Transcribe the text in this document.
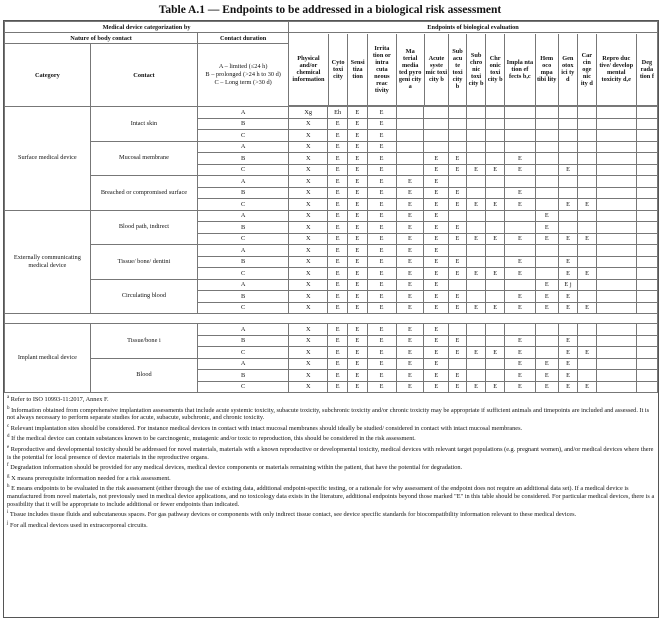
Table A.1 — Endpoints to be addressed in a biological risk assessment
Medical device categorization by	Endpoints of biological evaluation
Nature of body contact	Contact duration	
Physical and/or chemical information	Cyto toxi city	Sensi tiza tion	Irrita tion or intra cuta neous reac tivity	Ma terial media ted pyro geni city a	Acute syste mic toxi city b	Sub acu te toxi city b	Sub chro nic toxi city b	Chr onic toxi city b	Impla nta tion ef fects b,c	Hem oco mpa tibi lity	Gen otox ici ty d	Car cin oge nic ity d	Repro duc tive/ develop mental toxicity d,e	Deg rada tion f

Category	Contact	
A – limited (≤24 h)
B – prolonged (>24 h to 30 d)
C – Long term (>30 d)

Surface medical device	Intact skin	A	Xg	Eh	E	E											
B	X	E	E	E											
C	X	E	E	E											
Mucosal membrane	A	X	E	E	E											
B	X	E	E	E		E	E			E					
C	X	E	E	E		E	E	E	E	E		E			
Breached or compromised surface	A	X	E	E	E	E	E									
B	X	E	E	E	E	E	E			E					
C	X	E	E	E	E	E	E	E	E	E		E	E		
Externally communicating medical device	Blood path, indirect	A	X	E	E	E	E	E					E				
B	X	E	E	E	E	E	E				E				
C	X	E	E	E	E	E	E	E	E	E	E	E	E		
Tissue/ bone/ dentini	A	X	E	E	E	E	E									
B	X	E	E	E	E	E	E			E		E			
C	X	E	E	E	E	E	E	E	E	E		E	E		
Circulating blood	A	X	E	E	E	E	E					E	E j			
B	X	E	E	E	E	E	E			E	E	E			
C	X	E	E	E	E	E	E	E	E	E	E	E	E		

Implant medical device	Tissue/bone i	A	X	E	E	E	E	E									
B	X	E	E	E	E	E	E			E		E			
C	X	E	E	E	E	E	E	E	E	E		E	E		
Blood	A	X	E	E	E	E	E				E	E	E			
B	X	E	E	E	E	E	E			E	E	E			
C	X	E	E	E	E	E	E	E	E	E	E	E	E		
$^a$ Refer to ISO 10993-11:2017, Annex F.
$^b$ Information obtained from comprehensive implantation assessments that include acute systemic toxicity, subacute toxicity, subchronic toxicity and/or chronic toxicity may be appropriate if sufficient animals and timepoints are included and assessed. It is not always necessary to perform separate studies for acute, subacute, subchronic, and chronic toxicity.
$^c$ Relevant implantation sites should be considered. For instance medical devices in contact with intact mucosal membranes should ideally be studied/ considered in contact with intact mucosal membranes.
$^d$ If the medical device can contain substances known to be carcinogenic, mutagenic and/or toxic to reproduction, this should be considered in the risk assessment.
$^e$ Reproductive and developmental toxicity should be addressed for novel materials, materials with a known reproductive or developmental toxicity, medical devices with relevant target populations (e.g. pregnant women), and/or medical devices where there is the potential for local presence of device materials in the reproductive organs.
$^f$ Degradation information should be provided for any medical devices, medical device components or materials remaining within the patient, that have the potential for degradation.
$^g$ X means prerequisite information needed for a risk assessment.
$^h$ E means endpoints to be evaluated in the risk assessment (either through the use of existing data, additional endpoint-specific testing, or a rationale for why assessment of the endpoint does not require an additional data set). If a medical device is manufactured from novel materials, not previously used in medical device applications, and no toxicology data exists in the literature, additional endpoints beyond those marked "E" in this table should be considered. For particular medical devices, there is a possibility that it will be appropriate to include additional or fewer endpoints than indicated.
$^i$ Tissue includes tissue fluids and subcutaneous spaces. For gas pathway devices or components with only indirect tissue contact, see device specific standards for biocompatibility information relevant to these medical devices.
$^j$ For all medical devices used in extracorporeal circuits.
